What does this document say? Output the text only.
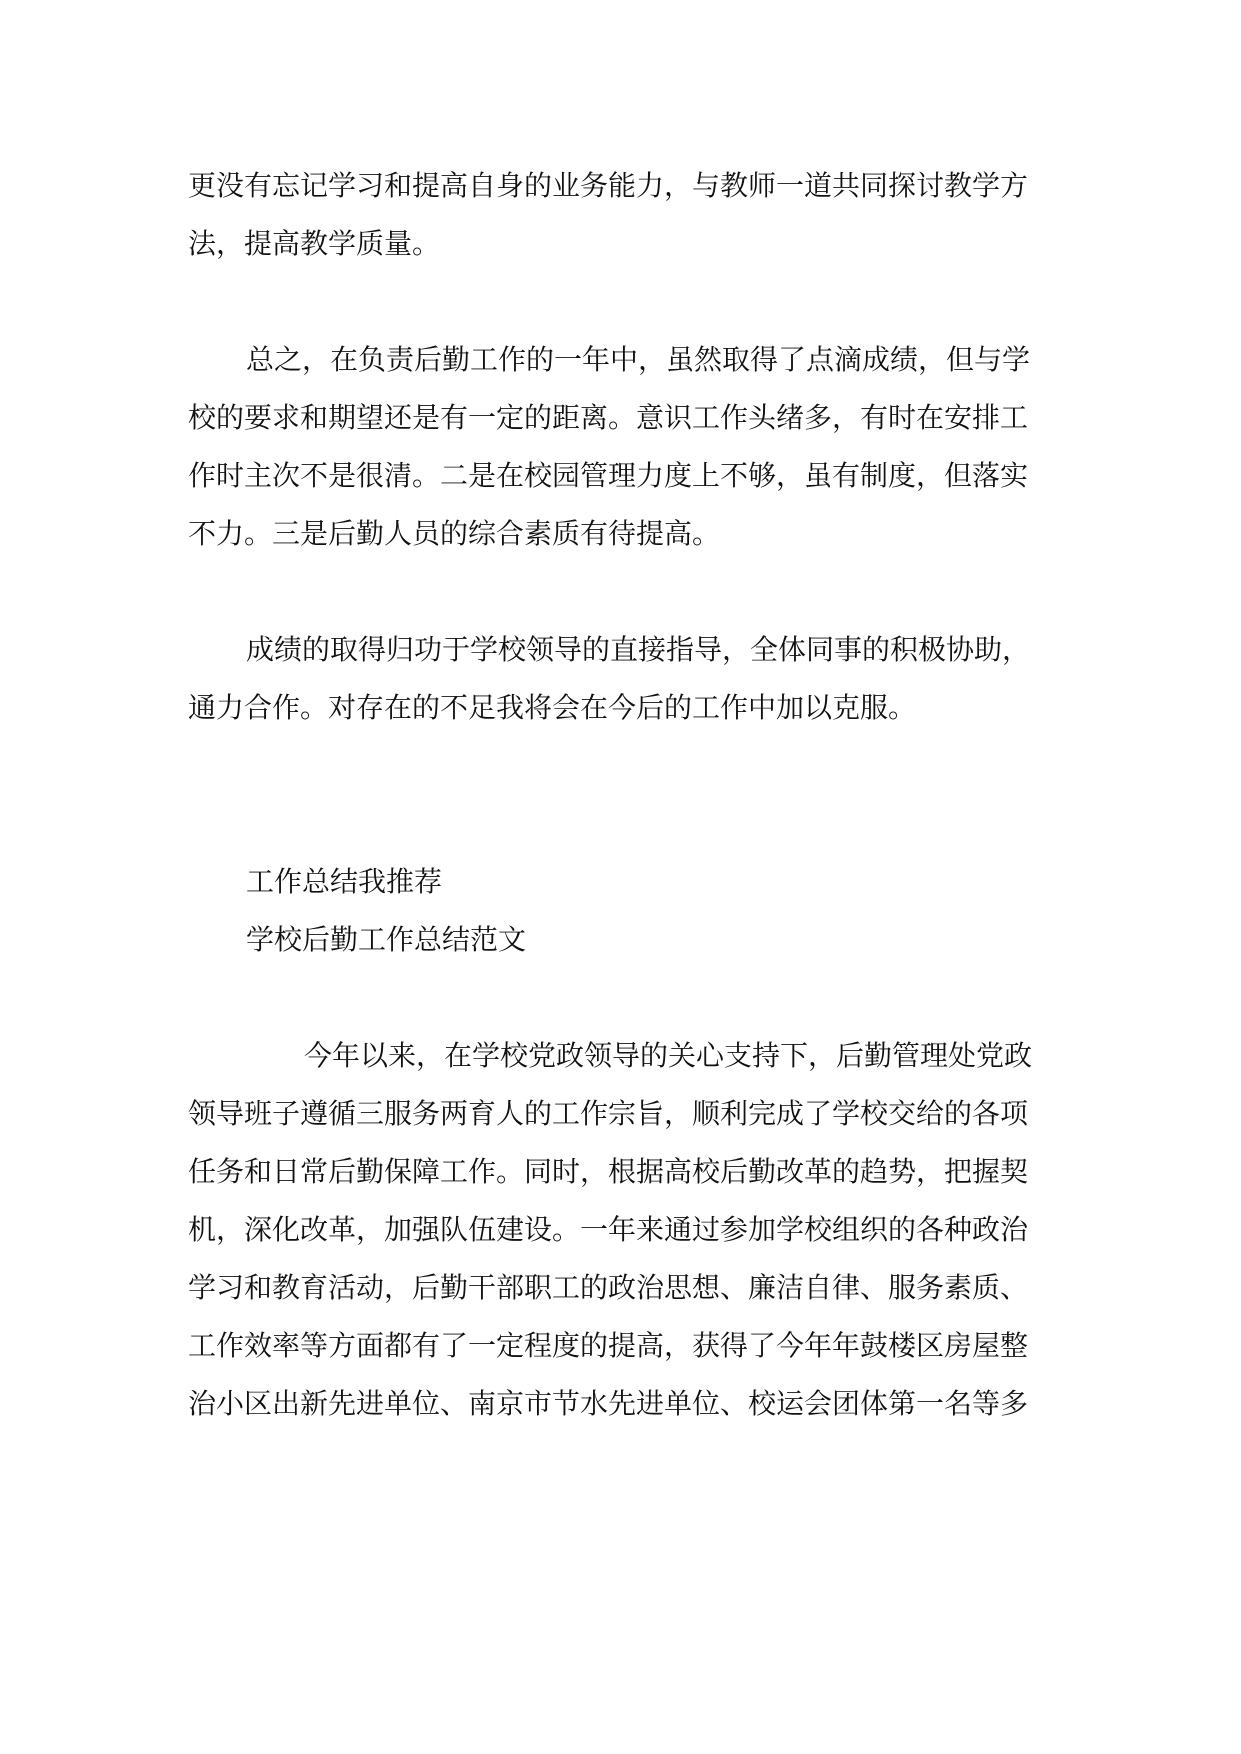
更没有忘记学习和提高自身的业务能力，与教师一道共同探讨教学方

法，提高教学质量。

总之，在负责后勤工作的一年中，虽然取得了点滴成绩，但与学

校的要求和期望还是有一定的距离。意识工作头绪多，有时在安排工

作时主次不是很清。二是在校园管理力度上不够，虽有制度，但落实

不力。三是后勤人员的综合素质有待提高。

成绩的取得归功于学校领导的直接指导，全体同事的积极协助，

通力合作。对存在的不足我将会在今后的工作中加以克服。

工作总结我推荐

学校后勤工作总结范文

今年以来，在学校党政领导的关心支持下，后勤管理处党政

领导班子遵循三服务两育人的工作宗旨，顺利完成了学校交给的各项

任务和日常后勤保障工作。同时，根据高校后勤改革的趋势，把握契

机，深化改革，加强队伍建设。一年来通过参加学校组织的各种政治

学习和教育活动，后勤干部职工的政治思想、廉洁自律、服务素质、

工作效率等方面都有了一定程度的提高，获得了今年年鼓楼区房屋整

治小区出新先进单位、南京市节水先进单位、校运会团体第一名等多
